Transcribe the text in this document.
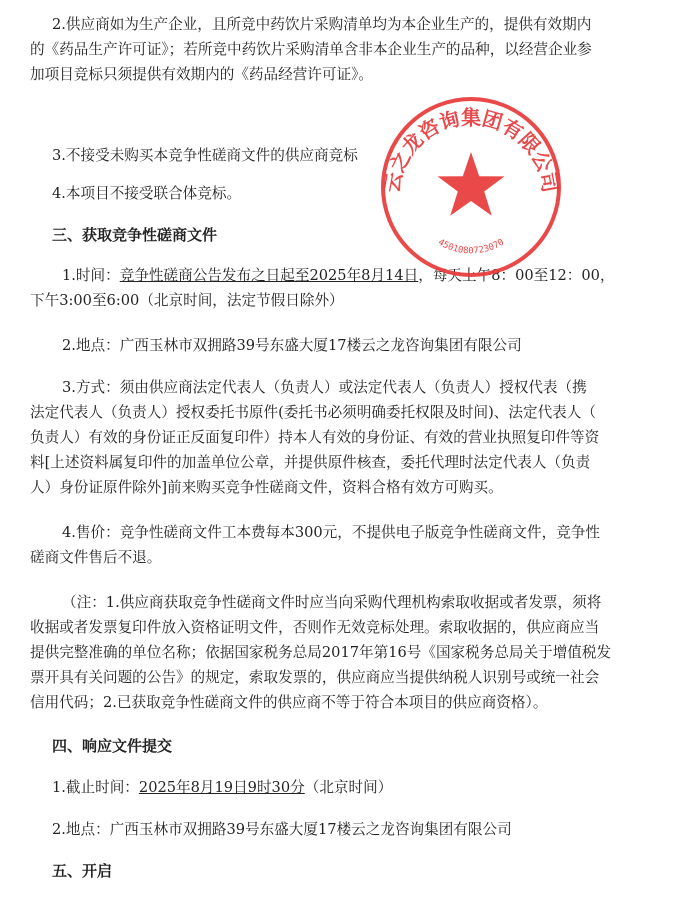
2.供应商如为生产企业，且所竞中药饮片采购清单均为本企业生产的，提供有效期内
的《药品生产许可证》；若所竞中药饮片采购清单含非本企业生产的品种，以经营企业参
加项目竞标只须提供有效期内的《药品经营许可证》。

3.不接受未购买本竞争性磋商文件的供应商竞标

4.本项目不接受联合体竞标。

三、获取竞争性磋商文件

1.时间：竞争性磋商公告发布之日起至2025年8月14日，每天上午8：00至12：00，
下午3:00至6:00（北京时间，法定节假日除外）

2.地点：广西玉林市双拥路39号东盛大厦17楼云之龙咨询集团有限公司

3.方式：须由供应商法定代表人（负责人）或法定代表人（负责人）授权代表（携
法定代表人（负责人）授权委托书原件(委托书必须明确委托权限及时间)、法定代表人（
负责人）有效的身份证正反面复印件）持本人有效的身份证、有效的营业执照复印件等资
料[上述资料属复印件的加盖单位公章，并提供原件核查，委托代理时法定代表人（负责
人）身份证原件除外]前来购买竞争性磋商文件，资料合格有效方可购买。

4.售价：竞争性磋商文件工本费每本300元，不提供电子版竞争性磋商文件，竞争性
磋商文件售后不退。

（注：1.供应商获取竞争性磋商文件时应当向采购代理机构索取收据或者发票，须将
收据或者发票复印件放入资格证明文件，否则作无效竞标处理。索取收据的，供应商应当
提供完整准确的单位名称；依据国家税务总局2017年第16号《国家税务总局关于增值税发
票开具有关问题的公告》的规定，索取发票的，供应商应当提供纳税人识别号或统一社会
信用代码；2.已获取竞争性磋商文件的供应商不等于符合本项目的供应商资格）。

四、响应文件提交

1.截止时间：2025年8月19日9时30分（北京时间）

2.地点：广西玉林市双拥路39号东盛大厦17楼云之龙咨询集团有限公司

五、开启

云之龙咨询集团有限公司
4501080723070
